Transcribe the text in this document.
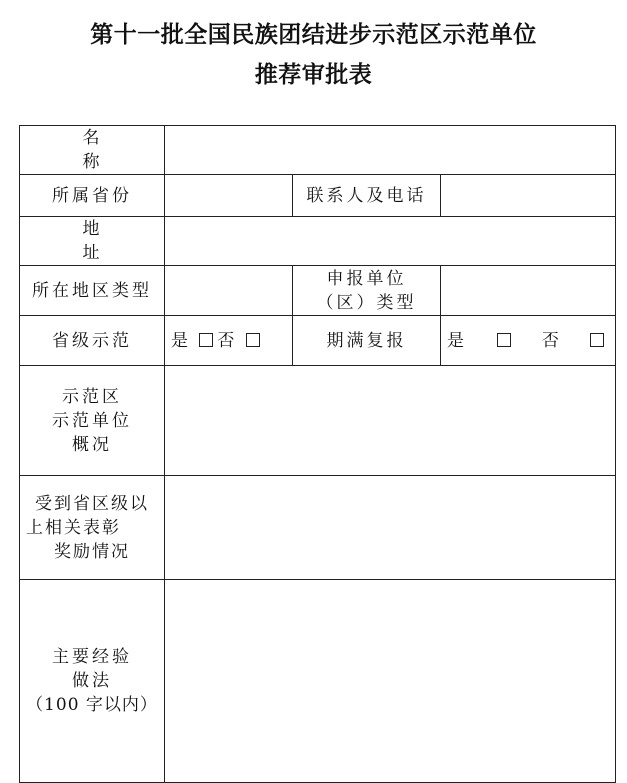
第十一批全国民族团结进步示范区示范单位
推荐审批表
名称			
所属省份		联系人及电话	
地址			
所在地区类型		申报单位
（区）类型	

省级示范	是 否	期满复报	是 否

示范区
示范单位
概况			

受到省区级以
上相关表彰
奖励情况			

主要经验
做法
（100 字以内）			
